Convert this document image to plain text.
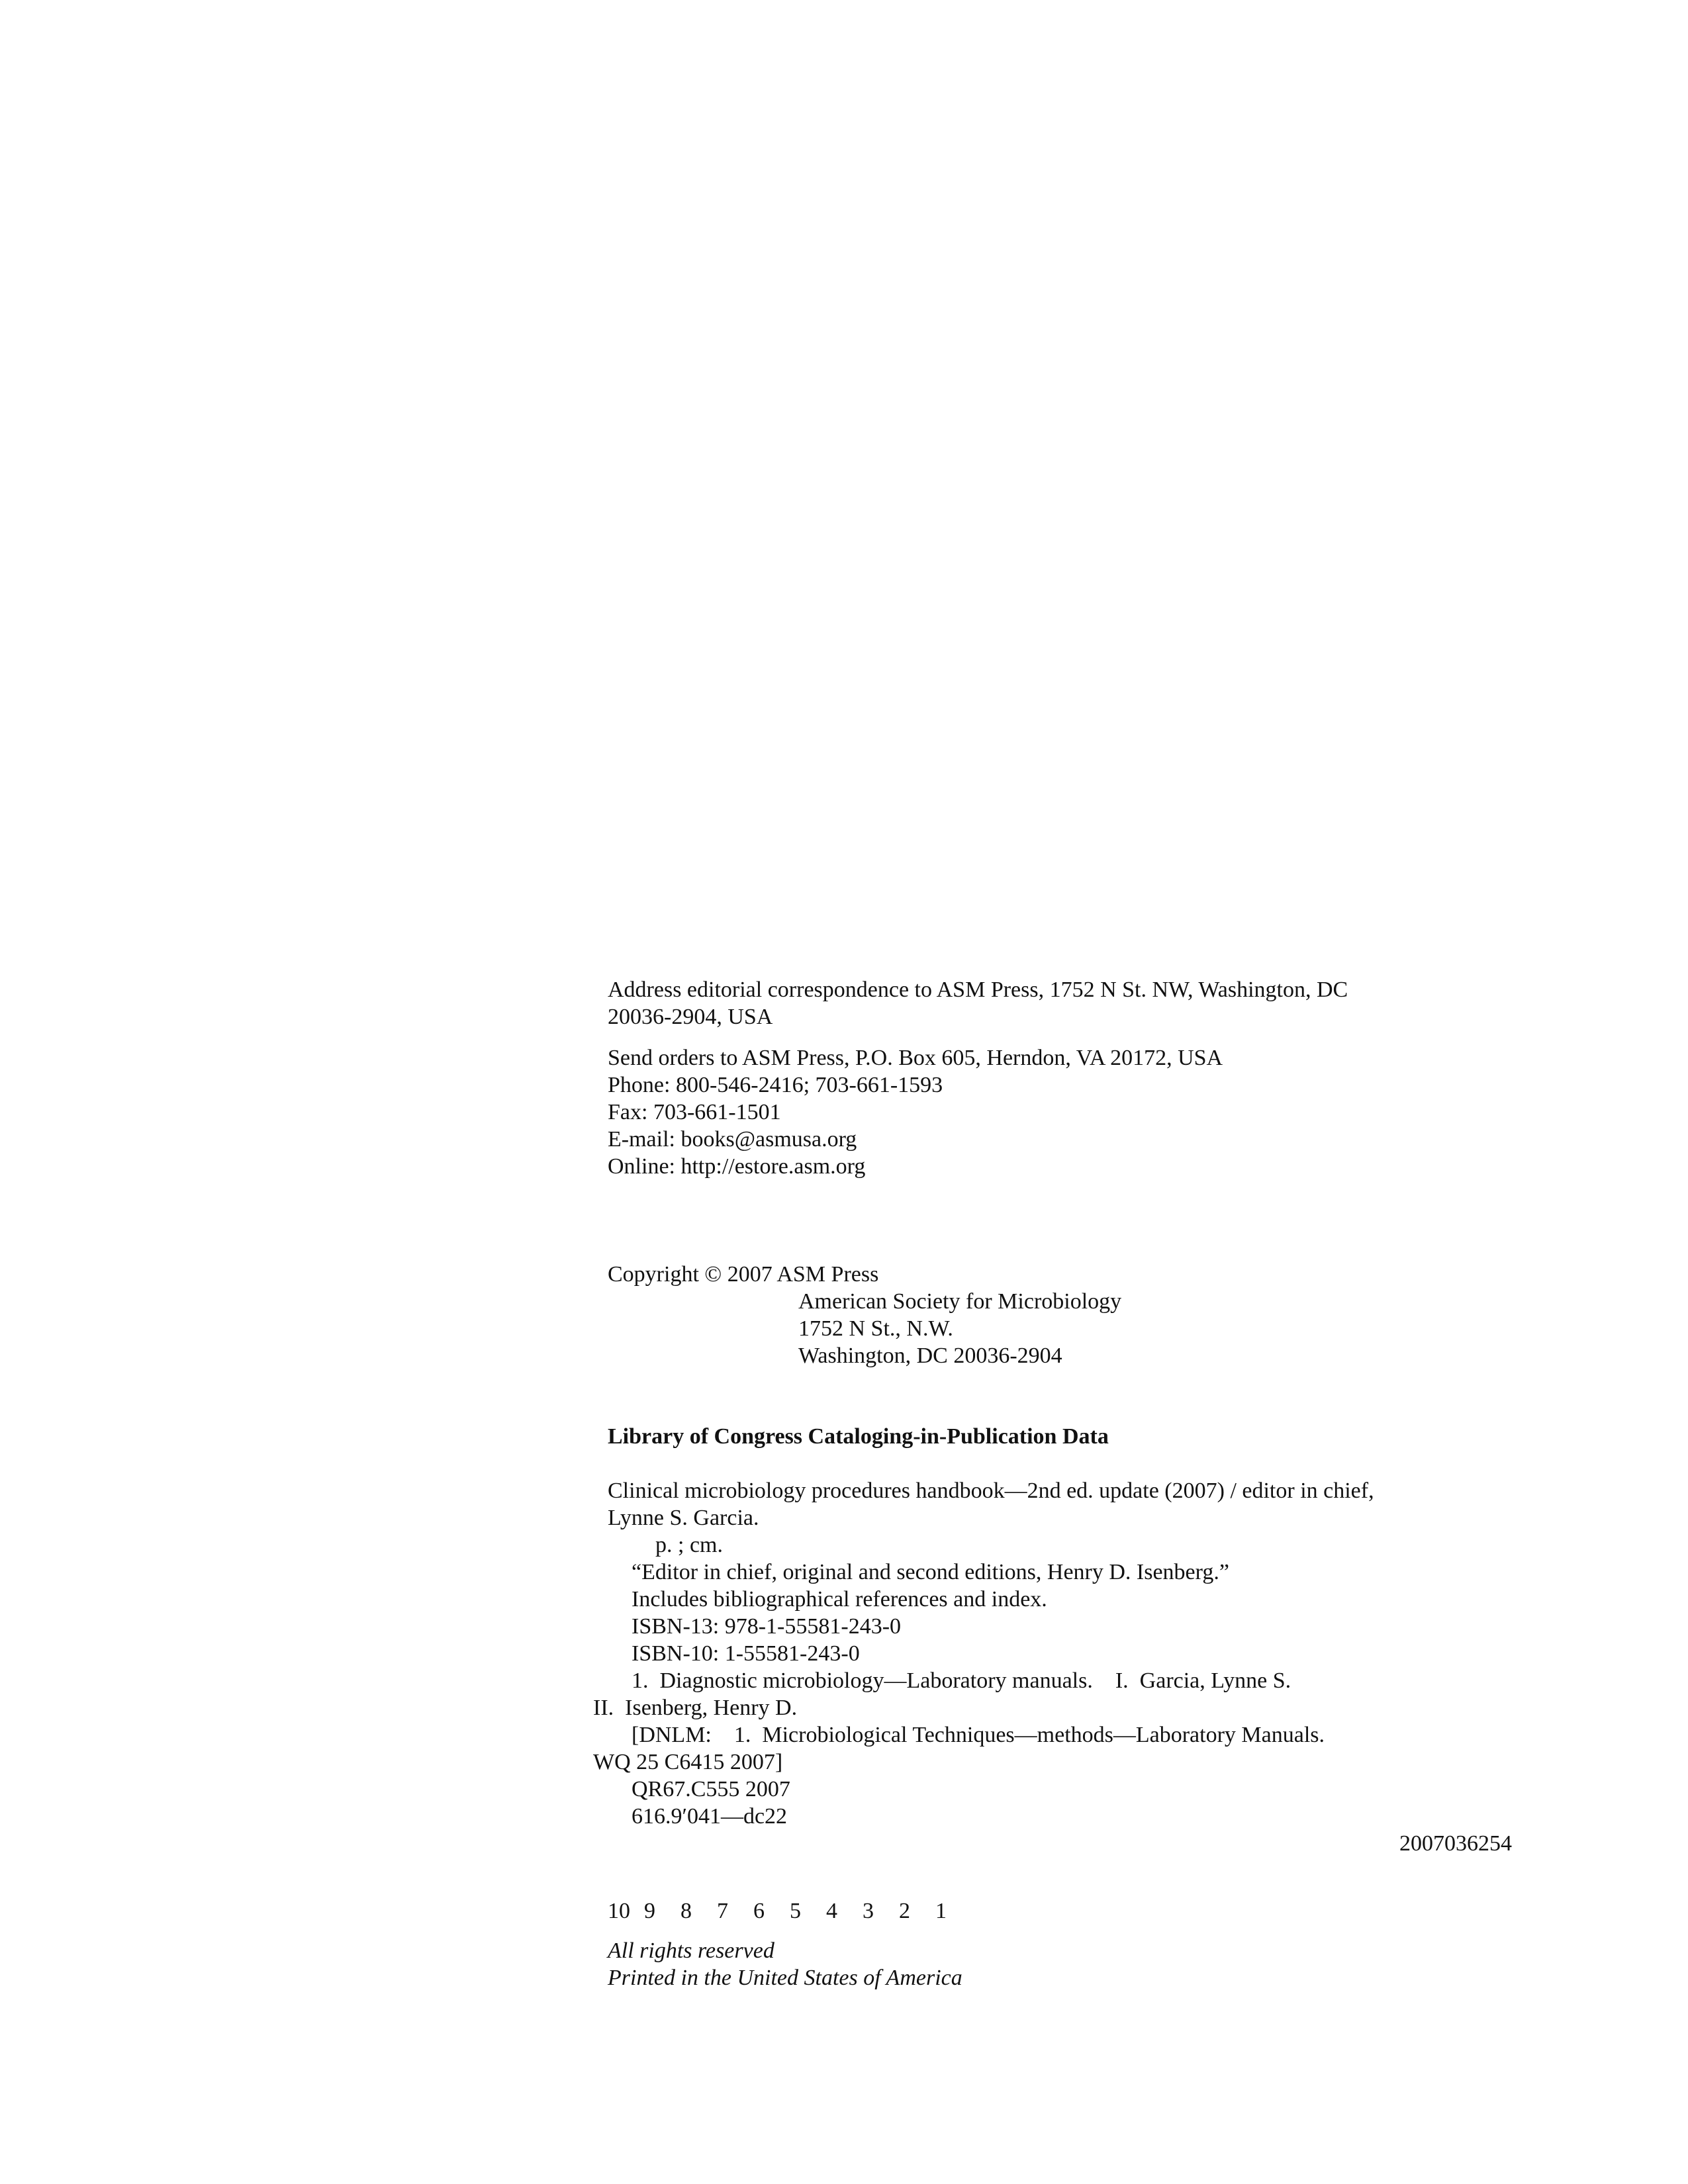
Address editorial correspondence to ASM Press, 1752 N St. NW, Washington, DC
20036-2904, USA
Send orders to ASM Press, P.O. Box 605, Herndon, VA 20172, USA
Phone: 800-546-2416; 703-661-1593
Fax: 703-661-1501
E-mail: books@asmusa.org
Online: http://estore.asm.org
Copyright © 2007 ASM Press
American Society for Microbiology
1752 N St., N.W.
Washington, DC 20036-2904
Library of Congress Cataloging-in-Publication Data
Clinical microbiology procedures handbook—2nd ed. update (2007) / editor in chief,
Lynne S. Garcia.
p. ; cm.
“Editor in chief, original and second editions, Henry D. Isenberg.”
Includes bibliographical references and index.
ISBN-13: 978-1-55581-243-0
ISBN-10: 1-55581-243-0
1.  Diagnostic microbiology—Laboratory manuals.    I.  Garcia, Lynne S.
II.  Isenberg, Henry D.
[DNLM:    1.  Microbiological Techniques—methods—Laboratory Manuals.
WQ 25 C6415 2007]
QR67.C555 2007
616.9′041—dc22
2007036254
10 9	8	7	6	5	4	3	2	1
All rights reserved
Printed in the United States of America
